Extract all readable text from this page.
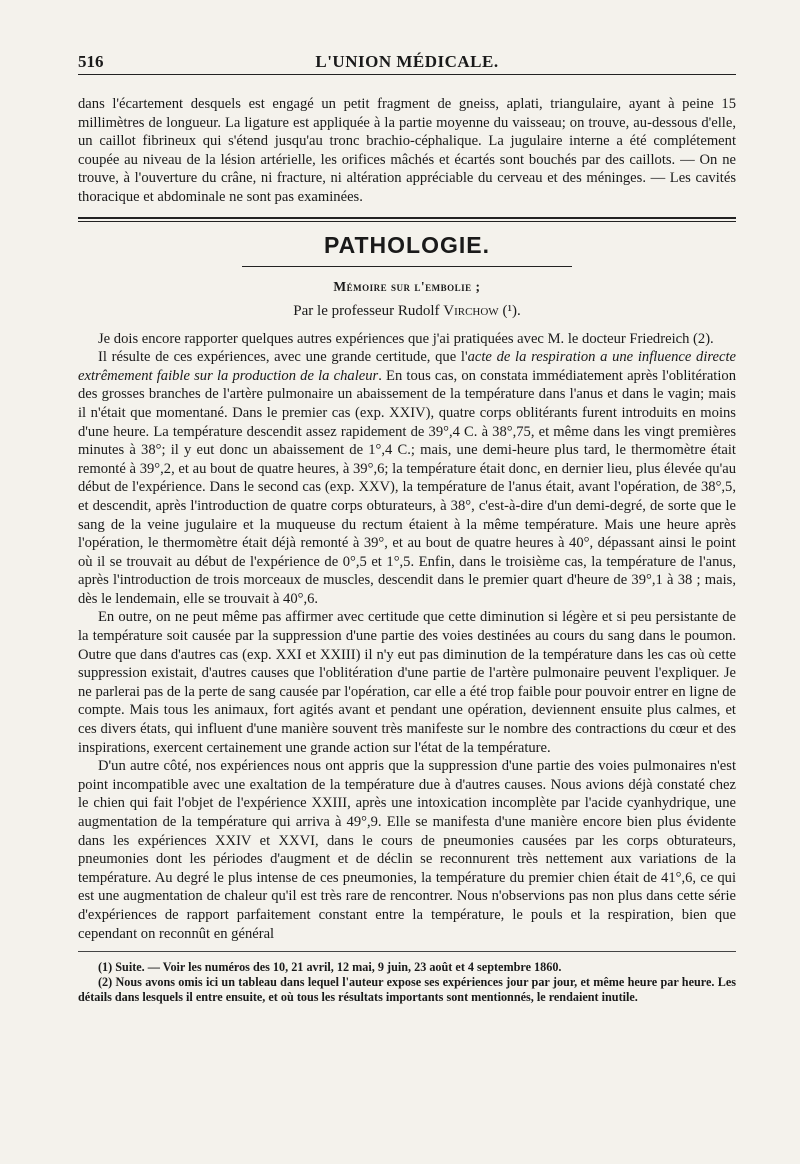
516	L'UNION MÉDICALE.

dans l'écartement desquels est engagé un petit fragment de gneiss, aplati, triangulaire, ayant à peine 15 millimètres de longueur. La ligature est appliquée à la partie moyenne du vaisseau; on trouve, au-dessous d'elle, un caillot fibrineux qui s'étend jusqu'au tronc brachio-céphalique. La jugulaire interne a été complétement coupée au niveau de la lésion artérielle, les orifices mâchés et écartés sont bouchés par des caillots. — On ne trouve, à l'ouverture du crâne, ni fracture, ni altération appréciable du cerveau et des méninges. — Les cavités thoracique et abdominale ne sont pas examinées.

PATHOLOGIE.
Mémoire sur l'embolie ;
Par le professeur Rudolf Virchow (¹).

Je dois encore rapporter quelques autres expériences que j'ai pratiquées avec M. le docteur Friedreich (2).

Il résulte de ces expériences, avec une grande certitude, que l'acte de la respiration a une influence directe extrêmement faible sur la production de la chaleur. En tous cas, on constata immédiatement après l'oblitération des grosses branches de l'artère pulmonaire un abaissement de la température dans l'anus et dans le vagin; mais il n'était que momentané. Dans le premier cas (exp. XXIV), quatre corps oblitérants furent introduits en moins d'une heure. La température descendit assez rapidement de 39°,4 C. à 38°,75, et même dans les vingt premières minutes à 38°; il y eut donc un abaissement de 1°,4 C.; mais, une demi-heure plus tard, le thermomètre était remonté à 39°,2, et au bout de quatre heures, à 39°,6; la température était donc, en dernier lieu, plus élevée qu'au début de l'expérience. Dans le second cas (exp. XXV), la température de l'anus était, avant l'opération, de 38°,5, et descendit, après l'introduction de quatre corps obturateurs, à 38°, c'est-à-dire d'un demi-degré, de sorte que le sang de la veine jugulaire et la muqueuse du rectum étaient à la même température. Mais une heure après l'opération, le thermomètre était déjà remonté à 39°, et au bout de quatre heures à 40°, dépassant ainsi le point où il se trouvait au début de l'expérience de 0°,5 et 1°,5. Enfin, dans le troisième cas, la température de l'anus, après l'introduction de trois morceaux de muscles, descendit dans le premier quart d'heure de 39°,1 à 38 ; mais, dès le lendemain, elle se trouvait à 40°,6.

En outre, on ne peut même pas affirmer avec certitude que cette diminution si légère et si peu persistante de la température soit causée par la suppression d'une partie des voies destinées au cours du sang dans le poumon. Outre que dans d'autres cas (exp. XXI et XXIII) il n'y eut pas diminution de la température dans les cas où cette suppression existait, d'autres causes que l'oblitération d'une partie de l'artère pulmonaire peuvent l'expliquer. Je ne parlerai pas de la perte de sang causée par l'opération, car elle a été trop faible pour pouvoir entrer en ligne de compte. Mais tous les animaux, fort agités avant et pendant une opération, deviennent ensuite plus calmes, et ces divers états, qui influent d'une manière souvent très manifeste sur le nombre des contractions du cœur et des inspirations, exercent certainement une grande action sur l'état de la température.

D'un autre côté, nos expériences nous ont appris que la suppression d'une partie des voies pulmonaires n'est point incompatible avec une exaltation de la température due à d'autres causes. Nous avions déjà constaté chez le chien qui fait l'objet de l'expérience XXIII, après une intoxication incomplète par l'acide cyanhydrique, une augmentation de la température qui arriva à 49°,9. Elle se manifesta d'une manière encore bien plus évidente dans les expériences XXIV et XXVI, dans le cours de pneumonies causées par les corps obturateurs, pneumonies dont les périodes d'augment et de déclin se reconnurent très nettement aux variations de la température. Au degré le plus intense de ces pneumonies, la température du premier chien était de 41°,6, ce qui est une augmentation de chaleur qu'il est très rare de rencontrer. Nous n'observions pas non plus dans cette série d'expériences de rapport parfaitement constant entre la température, le pouls et la respiration, bien que cependant on reconnût en général

(1) Suite. — Voir les numéros des 10, 21 avril, 12 mai, 9 juin, 23 août et 4 septembre 1860.

(2) Nous avons omis ici un tableau dans lequel l'auteur expose ses expériences jour par jour, et même heure par heure. Les détails dans lesquels il entre ensuite, et où tous les résultats importants sont mentionnés, le rendaient inutile.
